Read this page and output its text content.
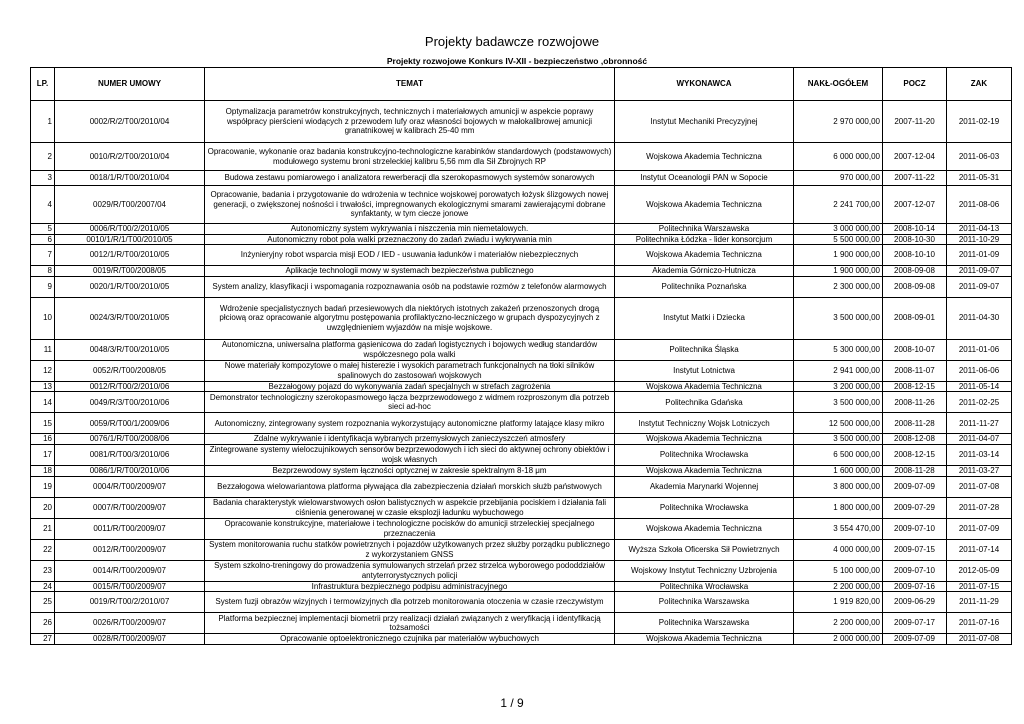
Projekty badawcze rozwojowe
Projekty rozwojowe Konkurs IV-XII - bezpieczeństwo ,obronność
LP.	NUMER UMOWY	TEMAT	WYKONAWCA	NAKŁ-OGÓŁEM	POCZ	ZAK
1	0002/R/2/T00/2010/04	Optymalizacja parametrów konstrukcyjnych, technicznych i materiałowych amunicji w aspekcie poprawy współpracy pierścieni wiodących z przewodem lufy oraz własności bojowych w małokalibrowej amunicji granatnikowej w kalibrach 25-40 mm	Instytut Mechaniki Precyzyjnej	2 970 000,00	2007-11-20	2011-02-19
2	0010/R/2/T00/2010/04	Opracowanie, wykonanie oraz badania konstrukcyjno-technologiczne karabinków standardowych (podstawowych) modułowego systemu broni strzeleckiej kalibru 5,56 mm dla Sił Zbrojnych RP	Wojskowa Akademia Techniczna	6 000 000,00	2007-12-04	2011-06-03
3	0018/1/R/T00/2010/04	Budowa zestawu pomiarowego i analizatora rewerberacji dla szerokopasmowych systemów sonarowych	Instytut Oceanologii PAN w Sopocie	970 000,00	2007-11-22	2011-05-31
4	0029/R/T00/2007/04	Opracowanie, badania i przygotowanie do wdrożenia w technice wojskowej porowatych łożysk ślizgowych nowej generacji, o zwiększonej nośności i trwałości, impregnowanych ekologicznymi smarami zawierającymi dobrane synfaktanty, w tym ciecze jonowe	Wojskowa Akademia Techniczna	2 241 700,00	2007-12-07	2011-08-06
5	0006/R/T00/2/2010/05	Autonomiczny system wykrywania i niszczenia min niemetalowych.	Politechnika Warszawska	3 000 000,00	2008-10-14	2011-04-13
6	0010/1/R/1/T00/2010/05	Autonomiczny robot pola walki przeznaczony do zadań zwiadu i wykrywania min	Politechnika Łódzka - lider konsorcjum	5 500 000,00	2008-10-30	2011-10-29
7	0012/1/R/T00/2010/05	Inżynieryjny robot wsparcia misji EOD / IED - usuwania ładunków i materiałów niebezpiecznych	Wojskowa Akademia Techniczna	1 900 000,00	2008-10-10	2011-01-09
8	0019/R/T00/2008/05	Aplikacje technologii mowy w systemach bezpieczeństwa publicznego	Akademia Górniczo-Hutnicza	1 900 000,00	2008-09-08	2011-09-07
9	0020/1/R/T00/2010/05	System analizy, klasyfikacji i wspomagania rozpoznawania osób na podstawie rozmów z telefonów alarmowych	Politechnika Poznańska	2 300 000,00	2008-09-08	2011-09-07
10	0024/3/R/T00/2010/05	Wdrożenie specjalistycznych badań przesiewowych dla niektórych istotnych zakażeń przenoszonych drogą płciową oraz opracowanie algorytmu postępowania profilaktyczno-leczniczego w grupach dyspozycyjnych z uwzględnieniem wyjazdów na misje wojskowe.	Instytut Matki i Dziecka	3 500 000,00	2008-09-01	2011-04-30
11	0048/3/R/T00/2010/05	Autonomiczna, uniwersalna platforma gąsienicowa do zadań logistycznych i bojowych według standardów współczesnego pola walki	Politechnika Śląska	5 300 000,00	2008-10-07	2011-01-06
12	0052/R/T00/2008/05	Nowe materiały kompozytowe o małej histerezie i wysokich parametrach funkcjonalnych na tłoki silników spalinowych do zastosowań wojskowych	Instytut Lotnictwa	2 941 000,00	2008-11-07	2011-06-06
13	0012/R/T00/2/2010/06	Bezzałogowy pojazd do wykonywania zadań specjalnych w strefach zagrożenia	Wojskowa Akademia Techniczna	3 200 000,00	2008-12-15	2011-05-14
14	0049/R/3/T00/2010/06	Demonstrator technologiczny szerokopasmowego łącza bezprzewodowego z widmem rozproszonym dla potrzeb sieci ad-hoc	Politechnika Gdańska	3 500 000,00	2008-11-26	2011-02-25
15	0059/R/T00/1/2009/06	Autonomiczny, zintegrowany system rozpoznania wykorzystujący autonomiczne platformy latające klasy mikro	Instytut Techniczny Wojsk Lotniczych	12 500 000,00	2008-11-28	2011-11-27
16	0076/1/R/T00/2008/06	Zdalne wykrywanie i identyfikacja wybranych przemysłowych zanieczyszczeń atmosfery	Wojskowa Akademia Techniczna	3 500 000,00	2008-12-08	2011-04-07
17	0081/R/T00/3/2010/06	Zintegrowane systemy wieloczujnikowych sensorów bezprzewodowych i ich sieci do aktywnej ochrony obiektów i wojsk własnych	Politechnika Wrocławska	6 500 000,00	2008-12-15	2011-03-14
18	0086/1/R/T00/2010/06	Bezprzewodowy system łączności optycznej w zakresie spektralnym 8-18 μm	Wojskowa Akademia Techniczna	1 600 000,00	2008-11-28	2011-03-27
19	0004/R/T00/2009/07	Bezzałogowa wielowariantowa platforma pływająca dla zabezpieczenia działań morskich służb państwowych	Akademia Marynarki Wojennej	3 800 000,00	2009-07-09	2011-07-08
20	0007/R/T00/2009/07	Badania charakterystyk wielowarstwowych osłon balistycznych w aspekcie przebijania pociskiem i działania fali ciśnienia generowanej w czasie eksplozji ładunku wybuchowego	Politechnika Wrocławska	1 800 000,00	2009-07-29	2011-07-28
21	0011/R/T00/2009/07	Opracowanie konstrukcyjne, materiałowe i technologiczne pocisków do amunicji strzeleckiej specjalnego przeznaczenia	Wojskowa Akademia Techniczna	3 554 470,00	2009-07-10	2011-07-09
22	0012/R/T00/2009/07	System monitorowania ruchu statków powietrznych i pojazdów użytkowanych przez służby porządku publicznego z wykorzystaniem GNSS	Wyższa Szkoła Oficerska Sił Powietrznych	4 000 000,00	2009-07-15	2011-07-14
23	0014/R/T00/2009/07	System szkolno-treningowy do prowadzenia symulowanych strzelań przez strzelca wyborowego pododdziałów antyterrorystycznych policji	Wojskowy Instytut Techniczny Uzbrojenia	5 100 000,00	2009-07-10	2012-05-09
24	0015/R/T00/2009/07	Infrastruktura bezpiecznego podpisu administracyjnego	Politechnika Wrocławska	2 200 000,00	2009-07-16	2011-07-15
25	0019/R/T00/2/2010/07	System fuzji obrazów wizyjnych i termowizyjnych dla potrzeb monitorowania otoczenia w czasie rzeczywistym	Politechnika Warszawska	1 919 820,00	2009-06-29	2011-11-29
26	0026/R/T00/2009/07	Platforma bezpiecznej implementacji biometrii przy realizacji działań związanych z weryfikacją i identyfikacją tożsamości	Politechnika Warszawska	2 200 000,00	2009-07-17	2011-07-16
27	0028/R/T00/2009/07	Opracowanie optoelektronicznego czujnika par materiałów wybuchowych	Wojskowa Akademia Techniczna	2 000 000,00	2009-07-09	2011-07-08
1 / 9
